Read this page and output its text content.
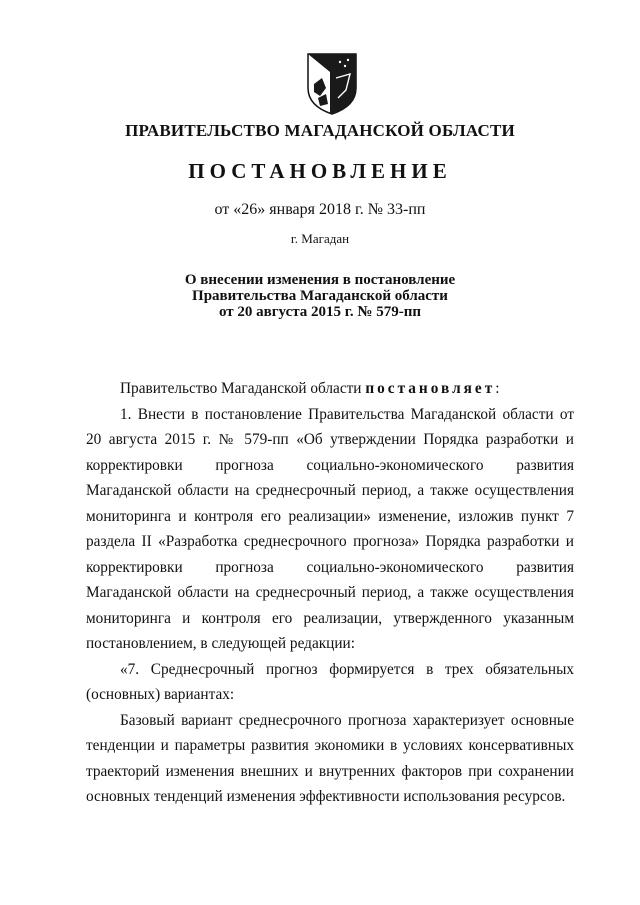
ПРАВИТЕЛЬСТВО МАГАДАНСКОЙ ОБЛАСТИ
ПОСТАНОВЛЕНИЕ
от «26» января 2018 г. № 33-пп
г. Магадан
О внесении изменения в постановление
Правительства Магаданской области
от 20 августа 2015 г. № 579-пп

Правительство Магаданской области постановляет:

1. Внести в постановление Правительства Магаданской области от 20 августа 2015 г. № 579-пп «Об утверждении Порядка разработки и корректировки прогноза социально-экономического развития Магаданской области на среднесрочный период, а также осуществления мониторинга и контроля его реализации» изменение, изложив пункт 7 раздела II «Разработка среднесрочного прогноза» Порядка разработки и корректировки прогноза социально-экономического развития Магаданской области на среднесрочный период, а также осуществления мониторинга и контроля его реализации, утвержденного указанным постановлением, в следующей редакции:

«7. Среднесрочный прогноз формируется в трех обязательных (основных) вариантах:

Базовый вариант среднесрочного прогноза характеризует основные тенденции и параметры развития экономики в условиях консервативных траекторий изменения внешних и внутренних факторов при сохранении основных тенденций изменения эффективности использования ресурсов.
